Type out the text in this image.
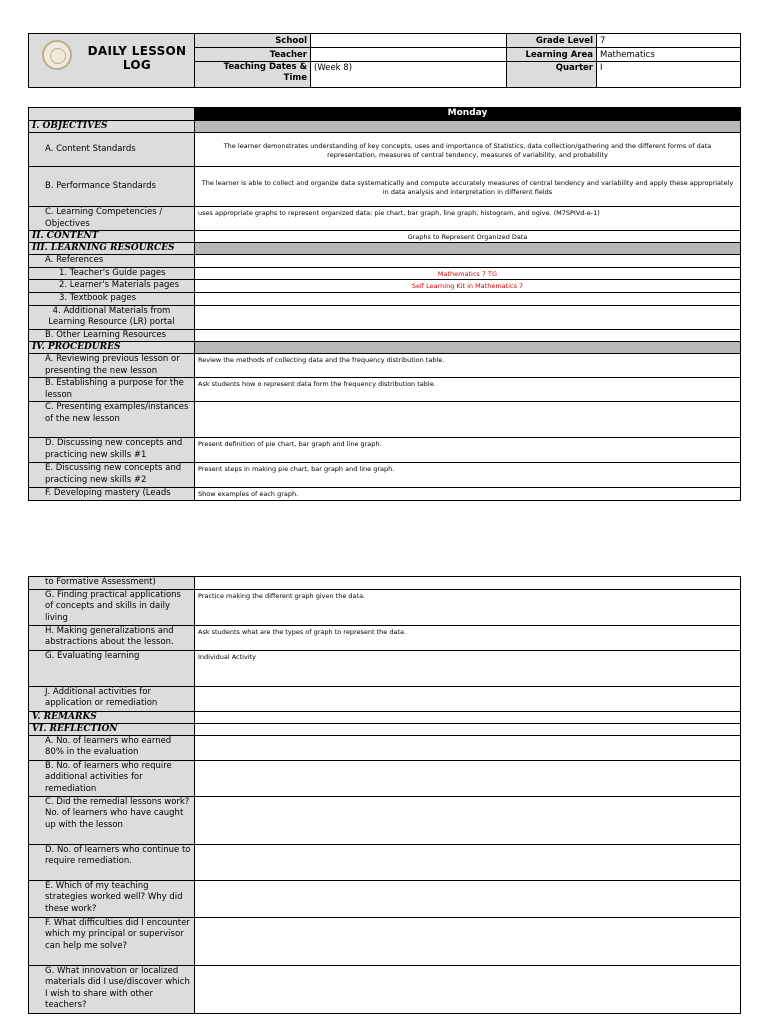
DAILY LESSON
LOG	School		Grade Level	7
	Teacher		Learning Area	Mathematics

	Teaching Dates &
Time	(Week 8)	Quarter	I
	Monday
I. OBJECTIVES	
A. Content Standards	The learner demonstrates understanding of key concepts, uses and importance of Statistics, data collection/gathering and the different forms of data representation, measures of central tendency, measures of variability, and probability
B. Performance Standards	The learner is able to collect and organize data systematically and compute accurately measures of central tendency and variability and apply these appropriately in data analysis and interpretation in different fields

C. Learning Competencies /
Objectives	uses appropriate graphs to represent organized data: pie chart, bar graph, line graph, histogram, and ogive. (M7SPIVd-e-1)
II. CONTENT	Graphs to Represent Organized Data
III. LEARNING RESOURCES	
A. References	
1. Teacher's Guide pages	Mathematics 7 TG
2. Learner's Materials pages	Self Learning Kit in Mathematics 7
3. Textbook pages	

4. Additional Materials from
Learning Resource (LR) portal	

B. Other Learning Resources	
IV. PROCEDURES	
A. Reviewing previous lesson or presenting the new lesson	Review the methods of collecting data and the frequency distribution table.
B. Establishing a purpose for the lesson	Ask students how o represent data form the frequency distribution table.
C. Presenting examples/instances of the new lesson	
D. Discussing new concepts and practicing new skills #1	Present definition of pie chart, bar graph and line graph.
E. Discussing new concepts and practicing new skills #2	Present steps in making pie chart, bar graph and line graph.
F. Developing mastery (Leads	Show examples of each graph.
to Formative Assessment)	
G. Finding practical applications of concepts and skills in daily living	Practice making the different graph given the data.
H. Making generalizations and abstractions about the lesson.	Ask students what are the types of graph to represent the data.
G. Evaluating learning	Individual Activity
J. Additional activities for application or remediation	
V. REMARKS	
VI. REFLECTION	
A. No. of learners who earned 80% in the evaluation	
B. No. of learners who require additional activities for remediation	
C. Did the remedial lessons work? No. of learners who have caught up with the lesson	
D. No. of learners who continue to require remediation.	
E. Which of my teaching strategies worked well? Why did these work?	
F. What difficulties did I encounter which my principal or supervisor can help me solve?	
G. What innovation or localized materials did I use/discover which I wish to share with other teachers?	
